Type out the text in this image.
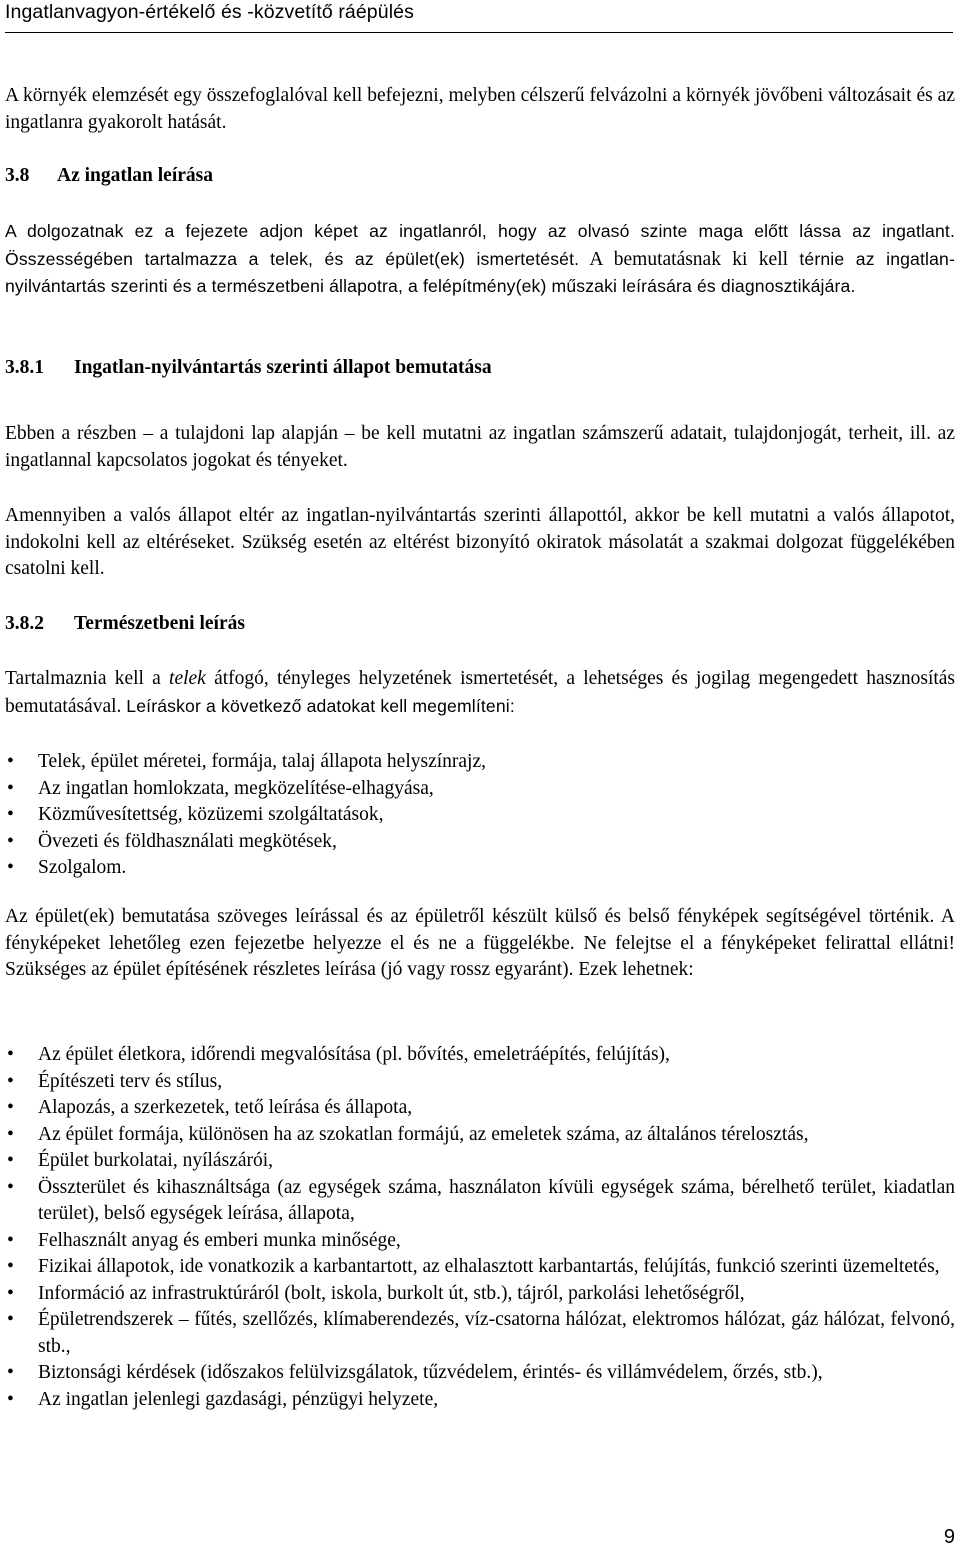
Ingatlanvagyon-értékelő és -közvetítő ráépülés

A környék elemzését egy összefoglalóval kell befejezni, melyben célszerű felvázolni a környék jövőbeni változásait és az ingatlanra gyakorolt hatását.

3.8 Az ingatlan leírása

A dolgozatnak ez a fejezete adjon képet az ingatlanról, hogy az olvasó szinte maga előtt lássa az ingatlant. Összességében tartalmazza a telek, és az épület(ek) ismertetését. A bemutatásnak ki kell térnie az ingatlan-nyilvántartás szerinti és a természetbeni állapotra, a felépítmény(ek) műszaki leírására és diagnosztikájára.

3.8.1 Ingatlan-nyilvántartás szerinti állapot bemutatása

Ebben a részben – a tulajdoni lap alapján – be kell mutatni az ingatlan számszerű adatait, tulajdonjogát, terheit, ill. az ingatlannal kapcsolatos jogokat és tényeket.

Amennyiben a valós állapot eltér az ingatlan-nyilvántartás szerinti állapottól, akkor be kell mutatni a valós állapotot, indokolni kell az eltéréseket. Szükség esetén az eltérést bizonyító okiratok másolatát a szakmai dolgozat függelékében csatolni kell.

3.8.2 Természetbeni leírás

Tartalmaznia kell a telek átfogó, tényleges helyzetének ismertetését, a lehetséges és jogilag megengedett hasznosítás bemutatásával. Leíráskor a következő adatokat kell megemlíteni:

•	Telek, épület méretei, formája, talaj állapota helyszínrajz,
•	Az ingatlan homlokzata, megközelítése-elhagyása,
•	Közművesítettség, közüzemi szolgáltatások,
•	Övezeti és földhasználati megkötések,
•	Szolgalom.

Az épület(ek) bemutatása szöveges leírással és az épületről készült külső és belső fényképek segítségével történik. A fényképeket lehetőleg ezen fejezetbe helyezze el és ne a függelékbe. Ne felejtse el a fényképeket felirattal ellátni! Szükséges az épület építésének részletes leírása (jó vagy rossz egyaránt). Ezek lehetnek:

•	Az épület életkora, időrendi megvalósítása (pl. bővítés, emeletráépítés, felújítás),
•	Építészeti terv és stílus,
•	Alapozás, a szerkezetek, tető leírása és állapota,
•	Az épület formája, különösen ha az szokatlan formájú, az emeletek száma, az általános térelosztás,
•	Épület burkolatai, nyílászárói,
•	Összterület és kihasználtsága (az egységek száma, használaton kívüli egységek száma, bérelhető terület, kiadatlan terület), belső egységek leírása, állapota,
•	Felhasznált anyag és emberi munka minősége,
•	Fizikai állapotok, ide vonatkozik a karbantartott, az elhalasztott karbantartás, felújítás, funkció szerinti üzemeltetés,
•	Információ az infrastruktúráról (bolt, iskola, burkolt út, stb.), tájról, parkolási lehetőségről,
•	Épületrendszerek – fűtés, szellőzés, klímaberendezés, víz-csatorna hálózat, elektromos hálózat, gáz hálózat, felvonó, stb.,
•	Biztonsági kérdések (időszakos felülvizsgálatok, tűzvédelem, érintés- és villámvédelem, őrzés, stb.),
•	Az ingatlan jelenlegi gazdasági, pénzügyi helyzete,
9
